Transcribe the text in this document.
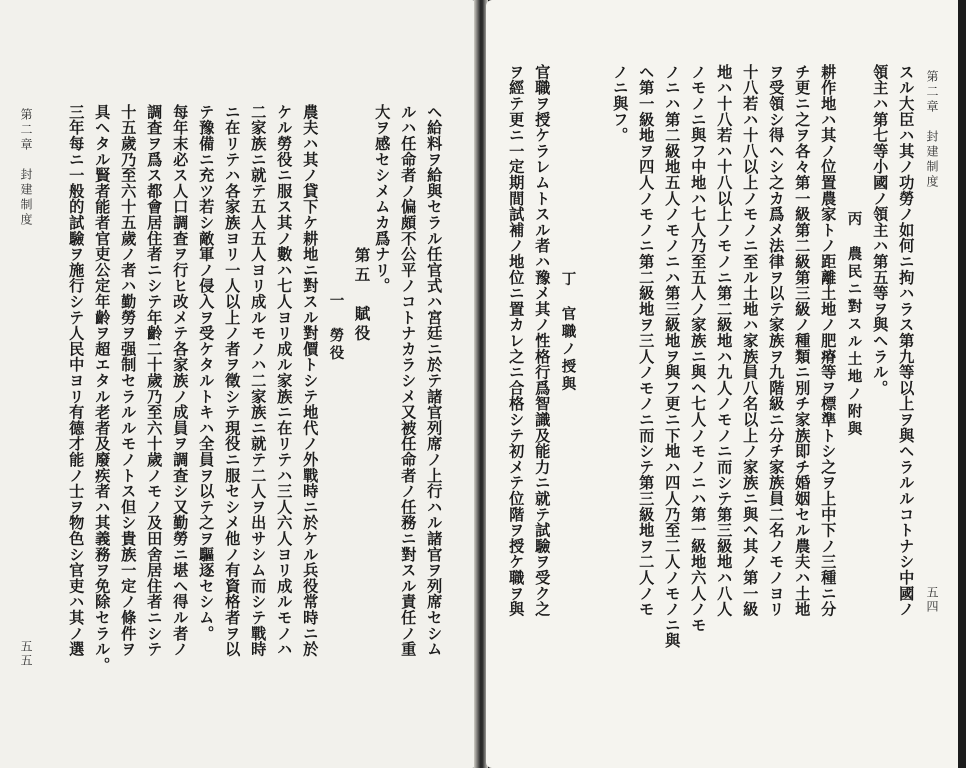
第二章　封建制度
五五 三年每ニ一般的試驗ヲ施行シテ人民中ヨリ有德才能ノ士ヲ物色シ官吏ハ其ノ選 具ヘタル賢者能者官吏公定年齡ヲ超エタル老者及廢疾者ハ其義務ヲ免除セラル。 十五歲乃至六十五歲ノ者ハ勤勞ヲ强制セラルルモノトス但シ貴族一定ノ條件ヲ 調査ヲ爲ス都會居住者ニシテ年齡二十歲乃至六十歲ノモノ及田舍居住者ニシテ 每年末必ス人口調査ヲ行ヒ改メテ各家族ノ成員ヲ調査シ又勤勞ニ堪ヘ得ル者ノ テ豫備ニ充ツ若シ敵軍ノ侵入ヲ受ケタルトキハ全員ヲ以テ之ヲ驅逐セシム。 ニ在リテハ各家族ヨリ一人以上ノ者ヲ徵シテ現役ニ服セシメ他ノ有資格者ヲ以 二家族ニ就テ五人五人ヨリ成ルモノハ二家族ニ就テ二人ヲ出サシム而シテ戰時 ケル勞役ニ服ス其ノ數ハ七人ヨリ成ル家族ニ在リテハ三人六人ヨリ成ルモノハ 農夫ハ其ノ貸下ケ耕地ニ對スル對價トシテ地代ノ外戰時ニ於ケル兵役常時ニ於 　　　一　勞役 　　第五　賦役 大ヲ感セシメムカ爲ナリ。 ルハ任命者ノ偏頗不公平ノコトナカラシメ又被任命者ノ任務ニ對スル責任ノ重 ヘ給料ヲ給與セラル任官式ハ宮廷ニ於テ諸官列席ノ上行ハル諸官ヲ列席セシム	ヲ經テ更ニ一定期間試補ノ地位ニ置カレ之ニ合格シテ初メテ位階ヲ授ケ職ヲ與 官職ヲ授ケラレムトスル者ハ豫メ其ノ性格行爲智識及能力ニ就テ試驗ヲ受ク之 　　丁　官職ノ授與
ノニ與フ。 ヘ第一級地ヲ四人ノモノニ第二級地ヲ三人ノモノニ而シテ第三級地ヲ二人ノモ ノニハ第二級地五人ノモノニハ第三級地ヲ與フ更ニ下地ハ四人乃至二人ノモノニ與 ノモノニ與フ中地ハ七人乃至五人ノ家族ニ與ヘ七人ノモノニハ第一級地六人ノモ 地ハ十八若ハ十八以上ノモノニ第二級地ハ九人ノモノニ而シテ第三級地ハ八人 十八若ハ十八以上ノモノニ至ル土地ハ家族員八名以上ノ家族ニ與ヘ其ノ第一級 ヲ受領シ得ヘシ之カ爲メ法律ヲ以テ家族ヲ九階級ニ分チ家族員二名ノモノヨリ チ更ニ之ヲ各々第一級第二級第三級ノ種類ニ別チ家族即チ婚姻セル農夫ハ土地 耕作地ハ其ノ位置農家トノ距離土地ノ肥瘠等ヲ標準トシ之ヲ上中下ノ三種ニ分 　　丙　農民ニ對スル土地ノ附與 領主ハ第七等小國ノ領主ハ第五等ヲ與ヘラル。 スル大臣ハ其ノ功勞ノ如何ニ拘ハラス第九等以上ヲ與ヘラルルコトナシ中國ノ 第二章　封建制度
五四
